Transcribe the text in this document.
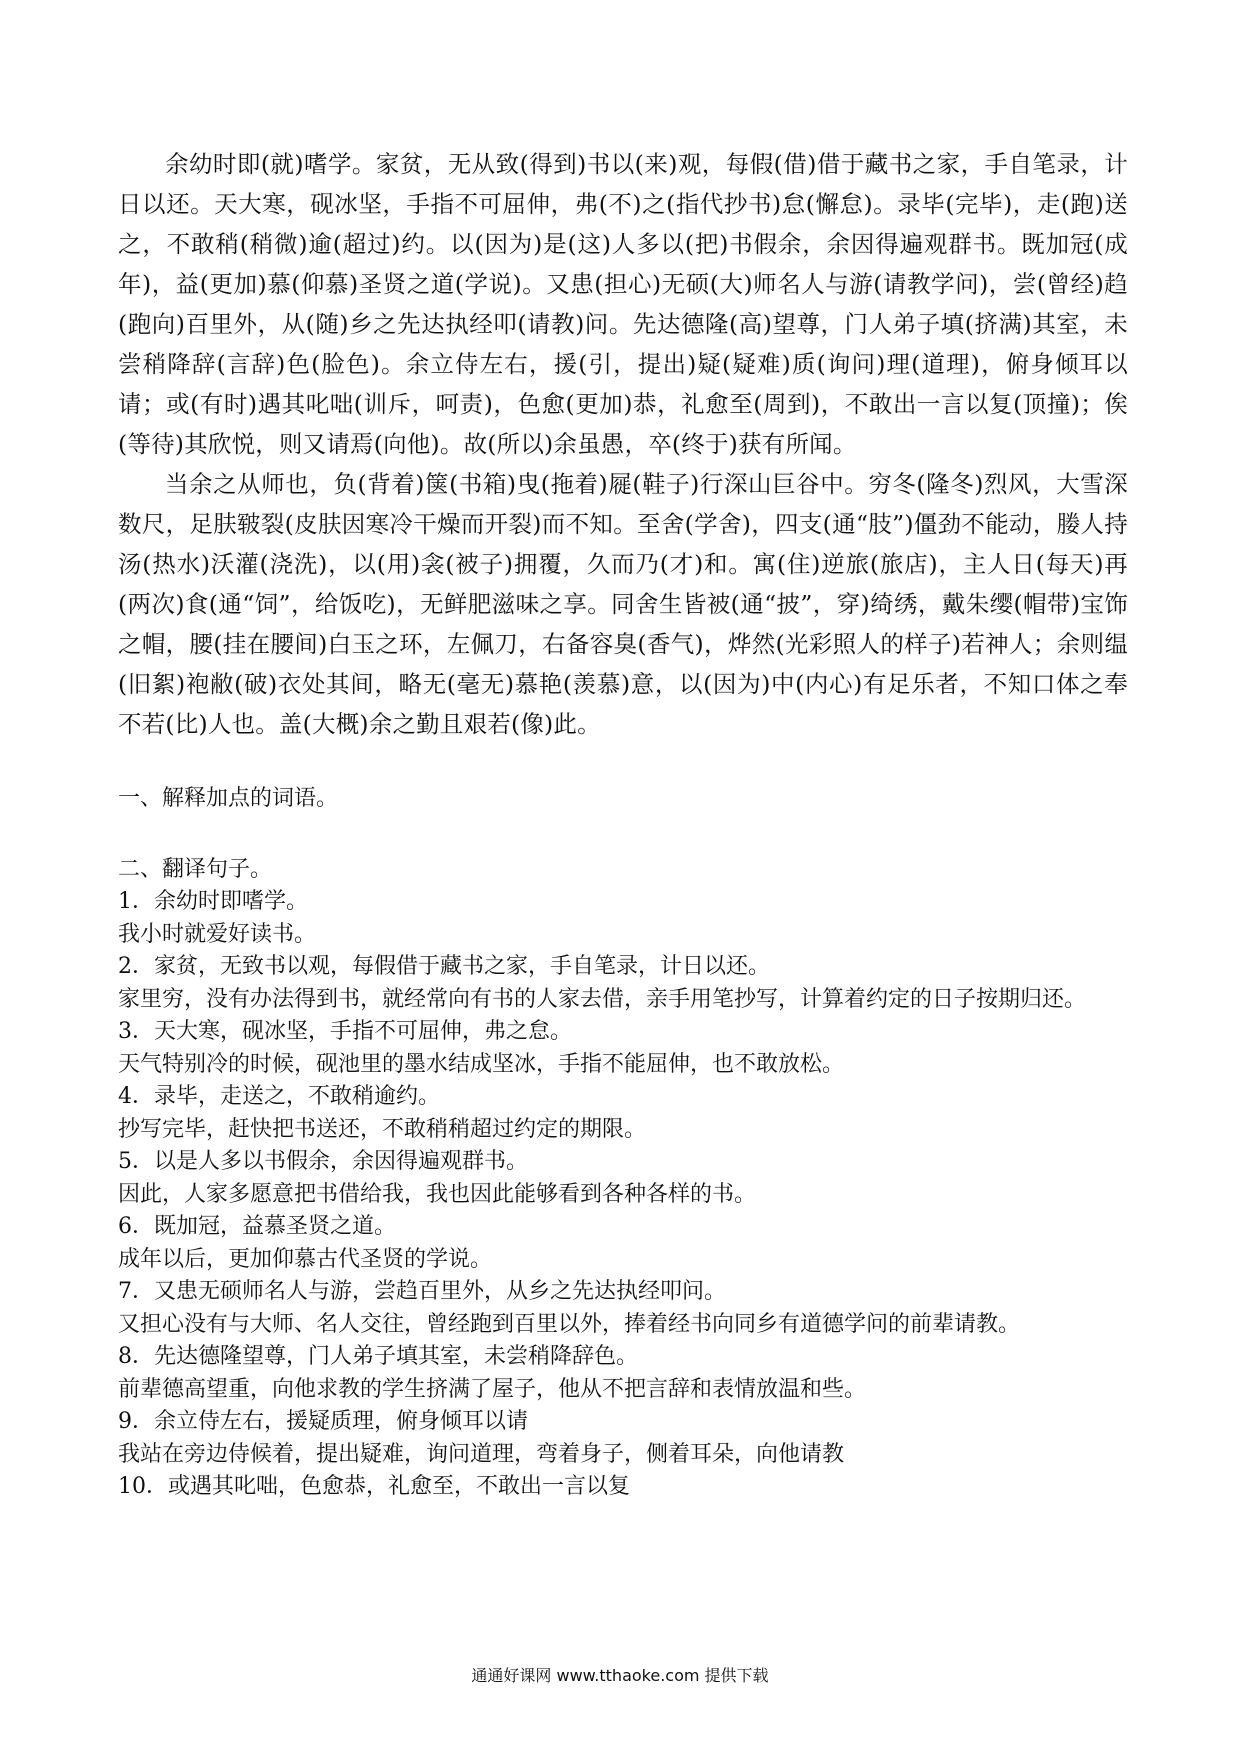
余幼时即(就)嗜学。家贫，无从致(得到)书以(来)观，每假(借)借于藏书之家，手自笔录，计日以还。天大寒，砚冰坚，手指不可屈伸，弗(不)之(指代抄书)怠(懈怠)。录毕(完毕)，走(跑)送之，不敢稍(稍微)逾(超过)约。以(因为)是(这)人多以(把)书假余，余因得遍观群书。既加冠(成年)，益(更加)慕(仰慕)圣贤之道(学说)。又患(担心)无硕(大)师名人与游(请教学问)，尝(曾经)趋(跑向)百里外，从(随)乡之先达执经叩(请教)问。先达德隆(高)望尊，门人弟子填(挤满)其室，未尝稍降辞(言辞)色(脸色)。余立侍左右，援(引，提出)疑(疑难)质(询问)理(道理)，俯身倾耳以请；或(有时)遇其叱咄(训斥，呵责)，色愈(更加)恭，礼愈至(周到)，不敢出一言以复(顶撞)；俟(等待)其欣悦，则又请焉(向他)。故(所以)余虽愚，卒(终于)获有所闻。

当余之从师也，负(背着)箧(书箱)曳(拖着)屣(鞋子)行深山巨谷中。穷冬(隆冬)烈风，大雪深数尺，足肤皲裂(皮肤因寒冷干燥而开裂)而不知。至舍(学舍)，四支(通“肢”)僵劲不能动，媵人持汤(热水)沃灌(浇洗)，以(用)衾(被子)拥覆，久而乃(才)和。寓(住)逆旅(旅店)，主人日(每天)再(两次)食(通“饲”，给饭吃)，无鲜肥滋味之享。同舍生皆被(通“披”，穿)绮绣，戴朱缨(帽带)宝饰之帽，腰(挂在腰间)白玉之环，左佩刀，右备容臭(香气)，烨然(光彩照人的样子)若神人；余则缊(旧絮)袍敝(破)衣处其间，略无(毫无)慕艳(羡慕)意，以(因为)中(内心)有足乐者，不知口体之奉不若(比)人也。盖(大概)余之勤且艰若(像)此。

一、解释加点的词语。

二、翻译句子。

1．余幼时即嗜学。

我小时就爱好读书。

2．家贫，无致书以观，每假借于藏书之家，手自笔录，计日以还。

家里穷，没有办法得到书，就经常向有书的人家去借，亲手用笔抄写，计算着约定的日子按期归还。

3．天大寒，砚冰坚，手指不可屈伸，弗之怠。

天气特别冷的时候，砚池里的墨水结成坚冰，手指不能屈伸，也不敢放松。

4．录毕，走送之，不敢稍逾约。

抄写完毕，赶快把书送还，不敢稍稍超过约定的期限。

5．以是人多以书假余，余因得遍观群书。

因此，人家多愿意把书借给我，我也因此能够看到各种各样的书。

6．既加冠，益慕圣贤之道。

成年以后，更加仰慕古代圣贤的学说。

7．又患无硕师名人与游，尝趋百里外，从乡之先达执经叩问。

又担心没有与大师、名人交往，曾经跑到百里以外，捧着经书向同乡有道德学问的前辈请教。

8．先达德隆望尊，门人弟子填其室，未尝稍降辞色。

前辈德高望重，向他求教的学生挤满了屋子，他从不把言辞和表情放温和些。

9．余立侍左右，援疑质理，俯身倾耳以请

我站在旁边侍候着，提出疑难，询问道理，弯着身子，侧着耳朵，向他请教

10．或遇其叱咄，色愈恭，礼愈至，不敢出一言以复

通通好课网 www.tthaoke.com 提供下载
